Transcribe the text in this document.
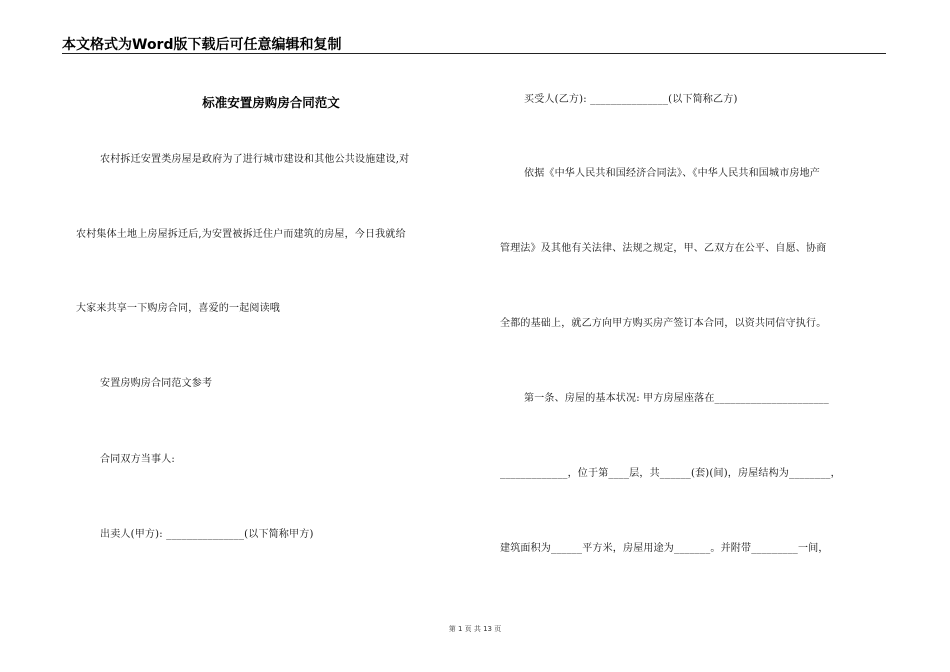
本文格式为Word版下载后可任意编辑和复制
标准安置房购房合同范文
农村拆迁安置类房屋是政府为了进行城市建设和其他公共设施建设,对
农村集体土地上房屋拆迁后,为安置被拆迁住户而建筑的房屋，今日我就给
大家来共享一下购房合同，喜爱的一起阅读哦
安置房购房合同范文参考
合同双方当事人:
出卖人(甲方): _______________(以下简称甲方)
买受人(乙方): _______________(以下简称乙方)
依据《中华人民共和国经济合同法》、《中华人民共和国城市房地产
管理法》及其他有关法律、法规之规定，甲、乙双方在公平、自愿、协商
全都的基础上，就乙方向甲方购买房产签订本合同，以资共同信守执行。
第一条、房屋的基本状况: 甲方房屋座落在______________________
_____________，位于第____层，共______(套)(间)，房屋结构为________，
建筑面积为______平方米，房屋用途为_______。并附带_________一间，
第 1 页 共 13 页
